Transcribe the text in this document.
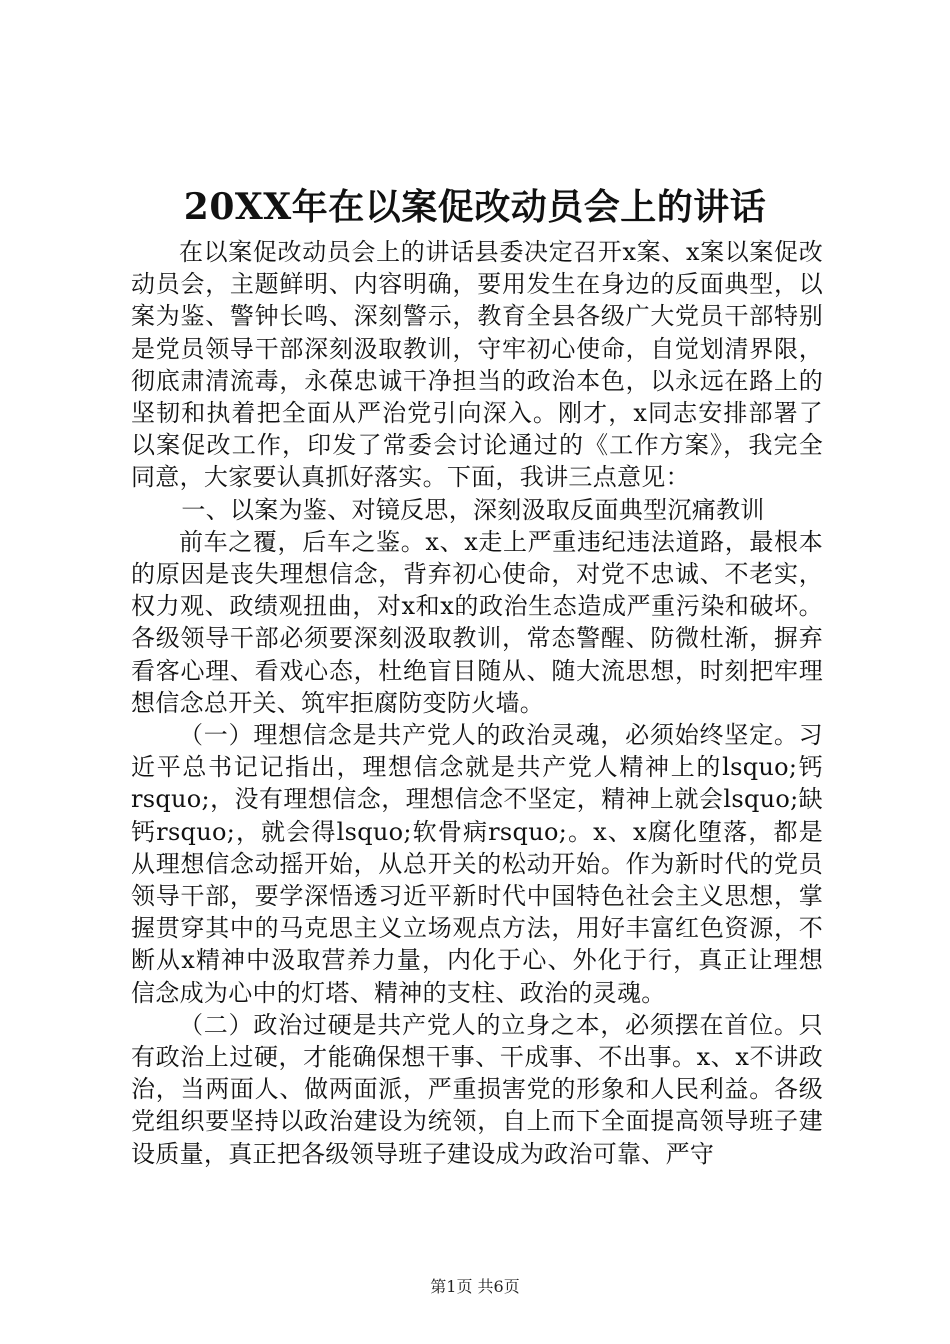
20XX年在以案促改动员会上的讲话

在以案促改动员会上的讲话县委决定召开x案、x案以案促改动员会，主题鲜明、内容明确，要用发生在身边的反面典型，以案为鉴、警钟长鸣、深刻警示，教育全县各级广大党员干部特别是党员领导干部深刻汲取教训，守牢初心使命，自觉划清界限，彻底肃清流毒，永葆忠诚干净担当的政治本色，以永远在路上的坚韧和执着把全面从严治党引向深入。刚才，x同志安排部署了以案促改工作，印发了常委会讨论通过的《工作方案》，我完全同意，大家要认真抓好落实。下面，我讲三点意见：

一、以案为鉴、对镜反思，深刻汲取反面典型沉痛教训

前车之覆，后车之鉴。x、x走上严重违纪违法道路，最根本的原因是丧失理想信念，背弃初心使命，对党不忠诚、不老实，权力观、政绩观扭曲，对x和x的政治生态造成严重污染和破坏。各级领导干部必须要深刻汲取教训，常态警醒、防微杜渐，摒弃看客心理、看戏心态，杜绝盲目随从、随大流思想，时刻把牢理想信念总开关、筑牢拒腐防变防火墙。

（一）理想信念是共产党人的政治灵魂，必须始终坚定。习近平总书记记指出，理想信念就是共产党人精神上的lsquo;钙rsquo;，没有理想信念，理想信念不坚定，精神上就会lsquo;缺钙rsquo;，就会得lsquo;软骨病rsquo;。x、x腐化堕落，都是从理想信念动摇开始，从总开关的松动开始。作为新时代的党员领导干部，要学深悟透习近平新时代中国特色社会主义思想，掌握贯穿其中的马克思主义立场观点方法，用好丰富红色资源，不断从x精神中汲取营养力量，内化于心、外化于行，真正让理想信念成为心中的灯塔、精神的支柱、政治的灵魂。

（二）政治过硬是共产党人的立身之本，必须摆在首位。只有政治上过硬，才能确保想干事、干成事、不出事。x、x不讲政治，当两面人、做两面派，严重损害党的形象和人民利益。各级党组织要坚持以政治建设为统领，自上而下全面提高领导班子建设质量，真正把各级领导班子建设成为政治可靠、严守

第1页 共6页
